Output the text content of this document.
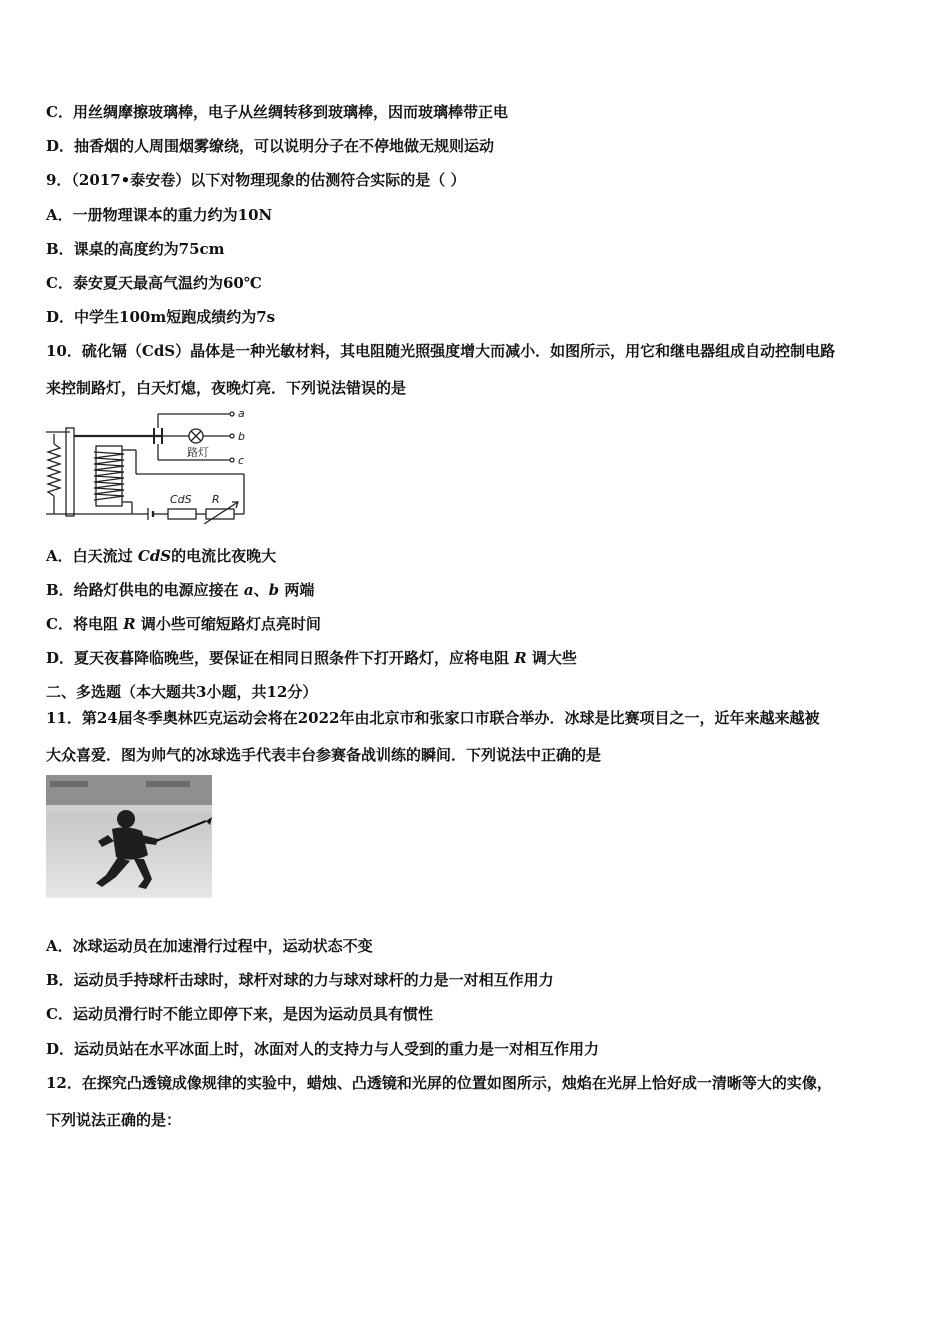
C．用丝绸摩擦玻璃棒，电子从丝绸转移到玻璃棒，因而玻璃棒带正电
D．抽香烟的人周围烟雾缭绕，可以说明分子在不停地做无规则运动
9．（2017•泰安卷）以下对物理现象的估测符合实际的是（ ）
A．一册物理课本的重力约为10N
B．课桌的高度约为75cm
C．泰安夏天最高气温约为60℃
D．中学生100m短跑成绩约为7s
10．硫化镉（CdS）晶体是一种光敏材料，其电阻随光照强度增大而减小．如图所示，用它和继电器组成自动控制电路
来控制路灯，白天灯熄，夜晚灯亮．下列说法错误的是
a
b
c
CdS R
路灯
A．白天流过 CdS的电流比夜晚大
B．给路灯供电的电源应接在 a、b 两端
C．将电阻 R 调小些可缩短路灯点亮时间
D．夏天夜暮降临晚些，要保证在相同日照条件下打开路灯，应将电阻 R 调大些
二、多选题（本大题共3小题，共12分）
11．第24届冬季奥林匹克运动会将在2022年由北京市和张家口市联合举办．冰球是比赛项目之一，近年来越来越被
大众喜爱．图为帅气的冰球选手代表丰台参赛备战训练的瞬间．下列说法中正确的是
A．冰球运动员在加速滑行过程中，运动状态不变
B．运动员手持球杆击球时，球杆对球的力与球对球杆的力是一对相互作用力
C．运动员滑行时不能立即停下来，是因为运动员具有惯性
D．运动员站在水平冰面上时，冰面对人的支持力与人受到的重力是一对相互作用力
12．在探究凸透镜成像规律的实验中，蜡烛、凸透镜和光屏的位置如图所示，烛焰在光屏上恰好成一清晰等大的实像，
下列说法正确的是：
